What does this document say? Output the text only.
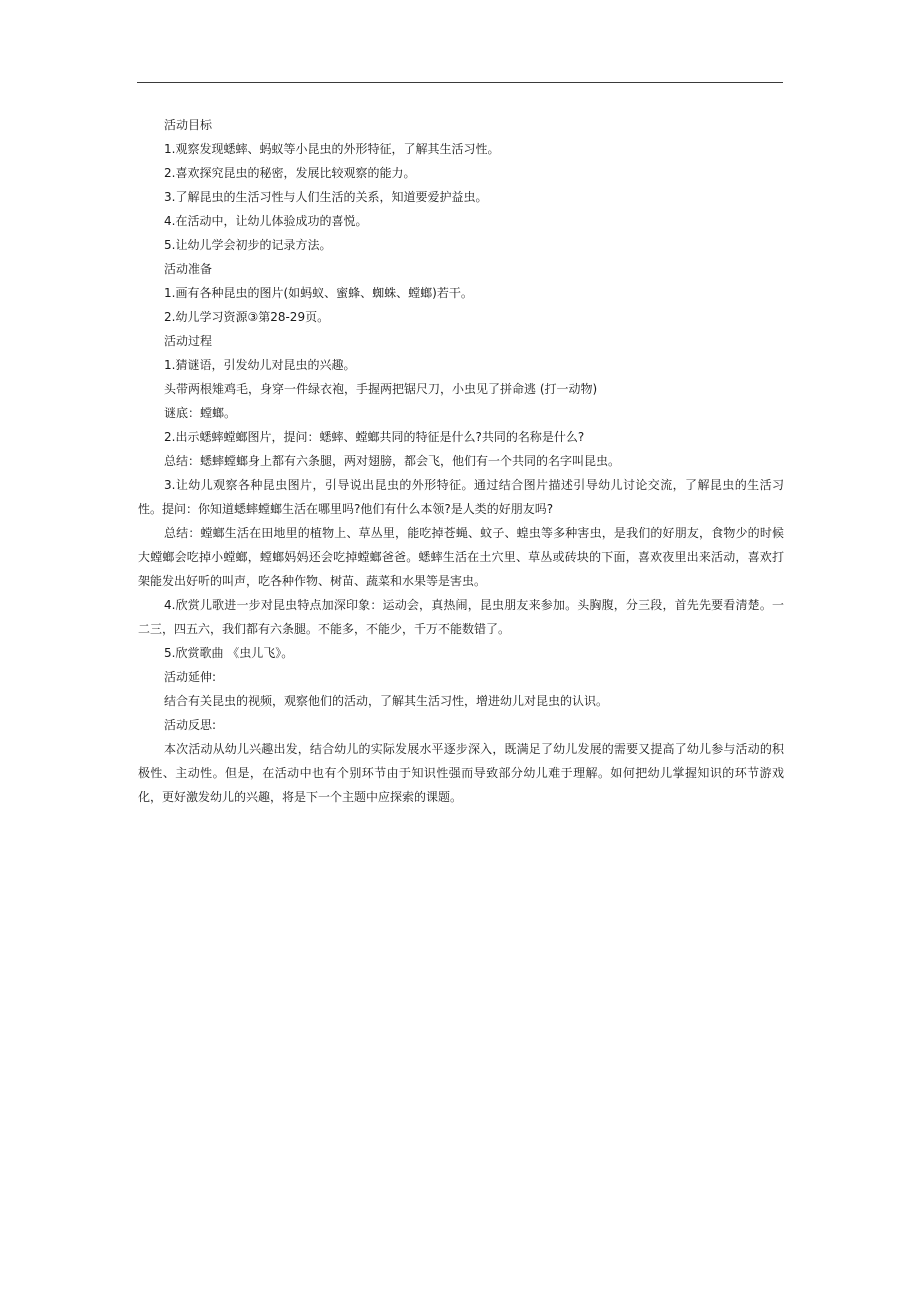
活动目标

1.观察发现蟋蟀、蚂蚁等小昆虫的外形特征，了解其生活习性。

2.喜欢探究昆虫的秘密，发展比较观察的能力。

3.了解昆虫的生活习性与人们生活的关系，知道要爱护益虫。

4.在活动中，让幼儿体验成功的喜悦。

5.让幼儿学会初步的记录方法。

活动准备

1.画有各种昆虫的图片(如蚂蚁、蜜蜂、蜘蛛、螳螂)若干。

2.幼儿学习资源③第28-29页。

活动过程

1.猜谜语，引发幼儿对昆虫的兴趣。

头带两根雉鸡毛，身穿一件绿衣袍，手握两把锯尺刀，小虫见了拼命逃 (打一动物)

谜底：螳螂。

2.出示蟋蟀螳螂图片，提问：蟋蟀、螳螂共同的特征是什么?共同的名称是什么?

总结：蟋蟀螳螂身上都有六条腿，两对翅膀，都会飞，他们有一个共同的名字叫昆虫。

3.让幼儿观察各种昆虫图片，引导说出昆虫的外形特征。通过结合图片描述引导幼儿讨论交流，了解昆虫的生活习性。提问：你知道蟋蟀螳螂生活在哪里吗?他们有什么本领?是人类的好朋友吗?

总结：螳螂生活在田地里的植物上、草丛里，能吃掉苍蝇、蚊子、蝗虫等多种害虫，是我们的好朋友，食物少的时候大螳螂会吃掉小螳螂，螳螂妈妈还会吃掉螳螂爸爸。蟋蟀生活在土穴里、草丛或砖块的下面，喜欢夜里出来活动，喜欢打架能发出好听的叫声，吃各种作物、树苗、蔬菜和水果等是害虫。

4.欣赏儿歌进一步对昆虫特点加深印象：运动会，真热闹，昆虫朋友来参加。头胸腹，分三段，首先先要看清楚。一二三，四五六，我们都有六条腿。不能多，不能少，千万不能数错了。

5.欣赏歌曲 《虫儿飞》。

活动延伸:

结合有关昆虫的视频，观察他们的活动，了解其生活习性，增进幼儿对昆虫的认识。

活动反思:

本次活动从幼儿兴趣出发，结合幼儿的实际发展水平逐步深入，既满足了幼儿发展的需要又提高了幼儿参与活动的积极性、主动性。但是，在活动中也有个别环节由于知识性强而导致部分幼儿难于理解。如何把幼儿掌握知识的环节游戏化，更好激发幼儿的兴趣，将是下一个主题中应探索的课题。
